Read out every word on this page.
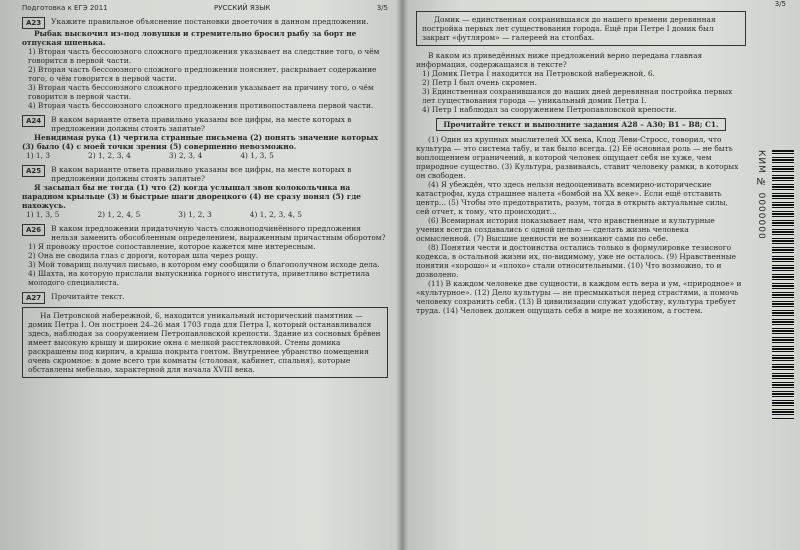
Подготовка к ЕГЭ 2011	РУССКИЙ ЯЗЫК	3/5
А23	Укажите правильное объяснение постановки двоеточия в данном предложении.

Рыбак выскочил из-под ловушки и стремительно бросил рыбу за борт не отпуская шпенька.

1) Вторая часть бессоюзного сложного предложения указывает на следствие того, о чём говорится в первой части.

2) Вторая часть бессоюзного сложного предложения поясняет, раскрывает содержание того, о чём говорится в первой части.

3) Вторая часть бессоюзного сложного предложения указывает на причину того, о чём говорится в первой части.

4) Вторая часть бессоюзного сложного предложения противопоставлена первой части.

А24	В каком варианте ответа правильно указаны все цифры, на месте которых в предложении должны стоять запятые?

Невидимая рука (1) чертила странные письмена (2) понять значение которых (3) было (4) с моей точки зрения (5) совершенно невозможно.

1) 1, 3	2) 1, 2, 3, 4	3) 2, 3, 4	4) 1, 3, 5
А25	В каком варианте ответа правильно указаны все цифры, на месте которых в предложении должны стоять запятые?

Я засыпал бы не тогда (1) что (2) когда услышал звон колокольчика на парадном крыльце (3) и быстрые шаги дворецкого (4) не сразу понял (5) где нахожусь.

1) 1, 3, 5	2) 1, 2, 4, 5	3) 1, 2, 3	4) 1, 2, 3, 4, 5
А26	В каком предложении придаточную часть сложноподчинённого предложения нельзя заменить обособленным определением, выраженным причастным оборотом?

1) Я провожу простое сопоставление, которое кажется мне интересным.

2) Она не сводила глаз с дороги, которая шла через рощу.

3) Мой товарищ получил письмо, в котором ему сообщили о благополучном исходе дела.

4) Шахта, на которую прислали выпускника горного института, приветливо встретила молодого специалиста.

А27	Прочитайте текст.

На Петровской набережной, 6, находится уникальный исторический памятник — домик Петра I. Он построен 24–26 мая 1703 года для Петра I, который останавливался здесь, наблюдая за сооружением Петропавловской крепости. Здание из сосновых брёвен имеет высокую крышу и широкие окна с мелкой расстекловкой. Стены домика раскрашены под кирпич, а крыша покрыта гонтом. Внутреннее убранство помещения очень скромное: в доме всего три комнаты (столовая, кабинет, спальня), которые обставлены мебелью, характерной для начала XVIII века.

3/5

Домик — единственная сохранившаяся до нашего времени деревянная постройка первых лет существования города. Ещё при Петре I домик был закрыт «футляром» — галереей на столбах.

В каком из приведённых ниже предложений верно передана главная информация, содержащаяся в тексте?

1) Домик Петра I находится на Петровской набережной, 6.

2) Петр I был очень скромен.

3) Единственная сохранившаяся до наших дней деревянная постройка первых лет существования города — уникальный домик Петра I.

4) Петр I наблюдал за сооружением Петропавловской крепости.

Прочитайте текст и выполните задания А28 – А30; В1 – В8; С1.

(1) Один из крупных мыслителей XX века, Клод Леви-Стросс, говорил, что культура — это система табу, и так было всегда. (2) Её основная роль — не быть воплощением ограничений, в которой человек ощущает себя не хуже, чем природное существо. (3) Культура, развиваясь, ставит человеку рамки, в которых он свободен.

(4) Я убеждён, что здесь нельзя недооценивать всемирно-исторические катастрофы, куда страшнее налета «бомбой на ХХ веке». Если ещё отставить центр... (5) Чтобы это предотвратить, разум, тогда в открыть актуальные силы, сей отчет, к тому, что происходит...

(6) Всемирная история показывает нам, что нравственные и культурные учения всегда создавались с одной целью — сделать жизнь человека осмысленной. (7) Высшие ценности не возникают сами по себе.

(8) Понятия чести и достоинства остались только в формулировке тезисного кодекса, в остальной жизни их, по-видимому, уже не осталось. (9) Нравственные понятия «хорошо» и «плохо» стали относительными. (10) Что возможно, то и дозволено.

(11) В каждом человеке две сущности, в каждом есть вера и ум, «природное» и «культурное». (12) Дело культуры — не пресмыкаться перед страстями, а помочь человеку сохранить себя. (13) В цивилизации служат удобству, культура требует труда. (14) Человек должен ощущать себя в мире не хозяином, а гостем.

КИМ № 0000000
